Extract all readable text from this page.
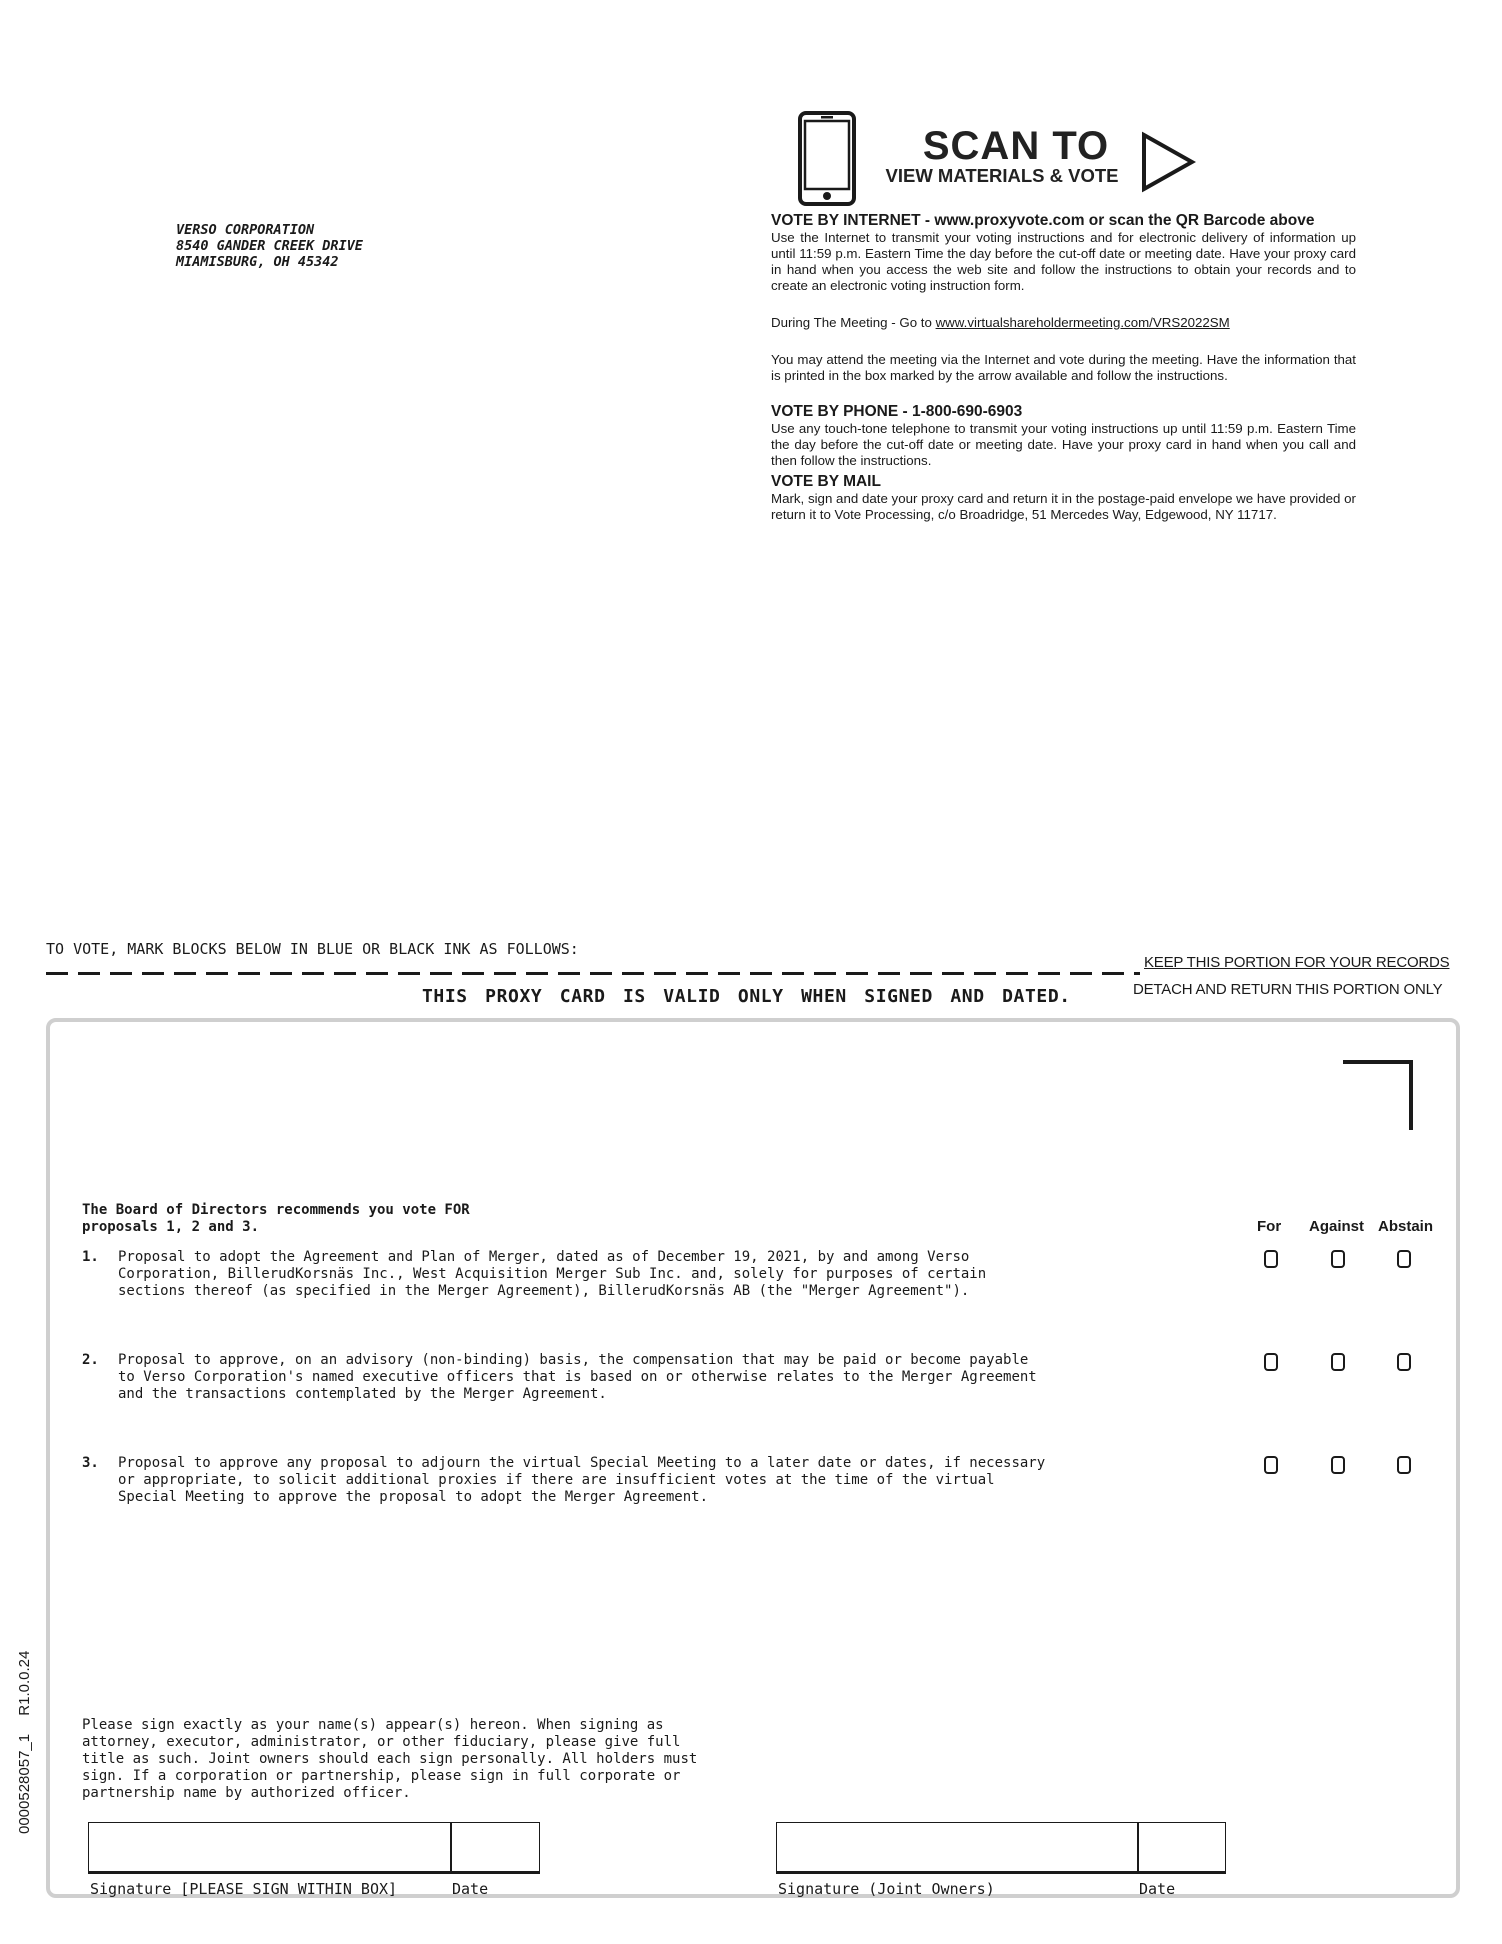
VERSO CORPORATION
8540 GANDER CREEK DRIVE
MIAMISBURG, OH 45342
SCAN TO
VIEW MATERIALS & VOTE
VOTE BY INTERNET - www.proxyvote.com or scan the QR Barcode above
Use the Internet to transmit your voting instructions and for electronic delivery of information up until 11:59 p.m. Eastern Time the day before the cut-off date or meeting date. Have your proxy card in hand when you access the web site and follow the instructions to obtain your records and to create an electronic voting instruction form.
During The Meeting - Go to www.virtualshareholdermeeting.com/VRS2022SM
You may attend the meeting via the Internet and vote during the meeting. Have the information that is printed in the box marked by the arrow available and follow the instructions.
VOTE BY PHONE - 1-800-690-6903
Use any touch-tone telephone to transmit your voting instructions up until 11:59 p.m. Eastern Time the day before the cut-off date or meeting date. Have your proxy card in hand when you call and then follow the instructions.
VOTE BY MAIL
Mark, sign and date your proxy card and return it in the postage-paid envelope we have provided or return it to Vote Processing, c/o Broadridge, 51 Mercedes Way, Edgewood, NY 11717.
TO VOTE, MARK BLOCKS BELOW IN BLUE OR BLACK INK AS FOLLOWS:
KEEP THIS PORTION FOR YOUR RECORDS
DETACH AND RETURN THIS PORTION ONLY
THIS PROXY CARD IS VALID ONLY WHEN SIGNED AND DATED.
The Board of Directors recommends you vote FOR
proposals 1, 2 and 3.	For Against Abstain
1. Proposal to adopt the Agreement and Plan of Merger, dated as of December 19, 2021, by and among Verso
Corporation, BillerudKorsnäs Inc., West Acquisition Merger Sub Inc. and, solely for purposes of certain
sections thereof (as specified in the Merger Agreement), BillerudKorsnäs AB (the "Merger Agreement").
2. Proposal to approve, on an advisory (non-binding) basis, the compensation that may be paid or become payable
to Verso Corporation's named executive officers that is based on or otherwise relates to the Merger Agreement
and the transactions contemplated by the Merger Agreement.
3. Proposal to approve any proposal to adjourn the virtual Special Meeting to a later date or dates, if necessary
or appropriate, to solicit additional proxies if there are insufficient votes at the time of the virtual
Special Meeting to approve the proposal to adopt the Merger Agreement.
Please sign exactly as your name(s) appear(s) hereon. When signing as
attorney, executor, administrator, or other fiduciary, please give full
title as such. Joint owners should each sign personally. All holders must
sign. If a corporation or partnership, please sign in full corporate or
partnership name by authorized officer.
Signature [PLEASE SIGN WITHIN BOX]	Date	Signature (Joint Owners)	Date
0000528057_1 R1.0.0.24
